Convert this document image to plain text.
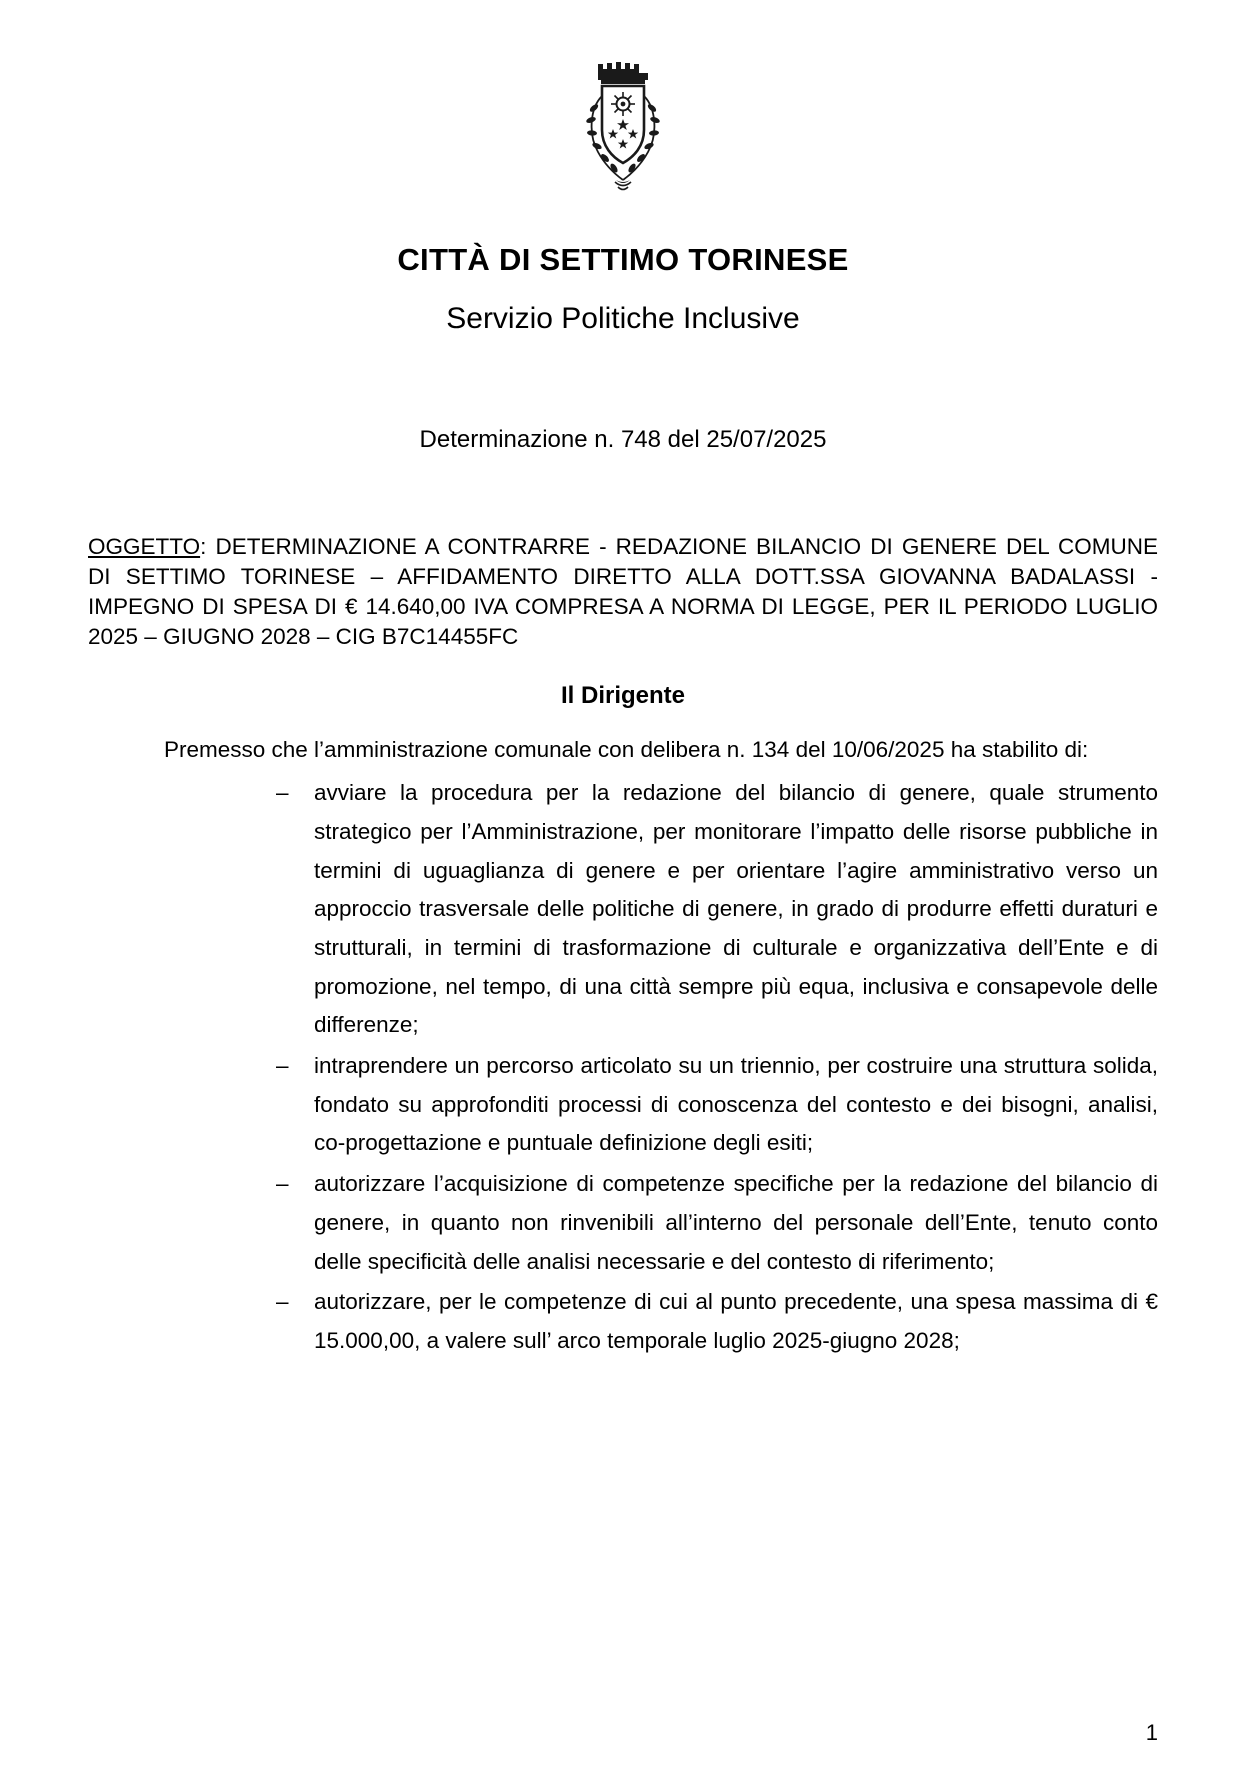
CITTÀ DI SETTIMO TORINESE
Servizio Politiche Inclusive

Determinazione n. 748 del 25/07/2025

OGGETTO: DETERMINAZIONE A CONTRARRE - REDAZIONE BILANCIO DI GENERE DEL COMUNE DI SETTIMO TORINESE – AFFIDAMENTO DIRETTO ALLA DOTT.SSA GIOVANNA BADALASSI - IMPEGNO DI SPESA DI € 14.640,00 IVA COMPRESA A NORMA DI LEGGE, PER IL PERIODO LUGLIO 2025 – GIUGNO 2028 – CIG B7C14455FC

Il Dirigente

Premesso che l’amministrazione comunale con delibera n. 134 del 10/06/2025 ha stabilito di:

– avviare la procedura per la redazione del bilancio di genere, quale strumento strategico per l’Amministrazione, per monitorare l’impatto delle risorse pubbliche in termini di uguaglianza di genere e per orientare l’agire amministrativo verso un approccio trasversale delle politiche di genere, in grado di produrre effetti duraturi e strutturali, in termini di trasformazione di culturale e organizzativa dell’Ente e di promozione, nel tempo, di una città sempre più equa, inclusiva e consapevole delle differenze;
– intraprendere un percorso articolato su un triennio, per costruire una struttura solida, fondato su approfonditi processi di conoscenza del contesto e dei bisogni, analisi, co-progettazione e puntuale definizione degli esiti;
– autorizzare l’acquisizione di competenze specifiche per la redazione del bilancio di genere, in quanto non rinvenibili all’interno del personale dell’Ente, tenuto conto delle specificità delle analisi necessarie e del contesto di riferimento;
– autorizzare, per le competenze di cui al punto precedente, una spesa massima di € 15.000,00, a valere sull’ arco temporale luglio 2025-giugno 2028;
1
